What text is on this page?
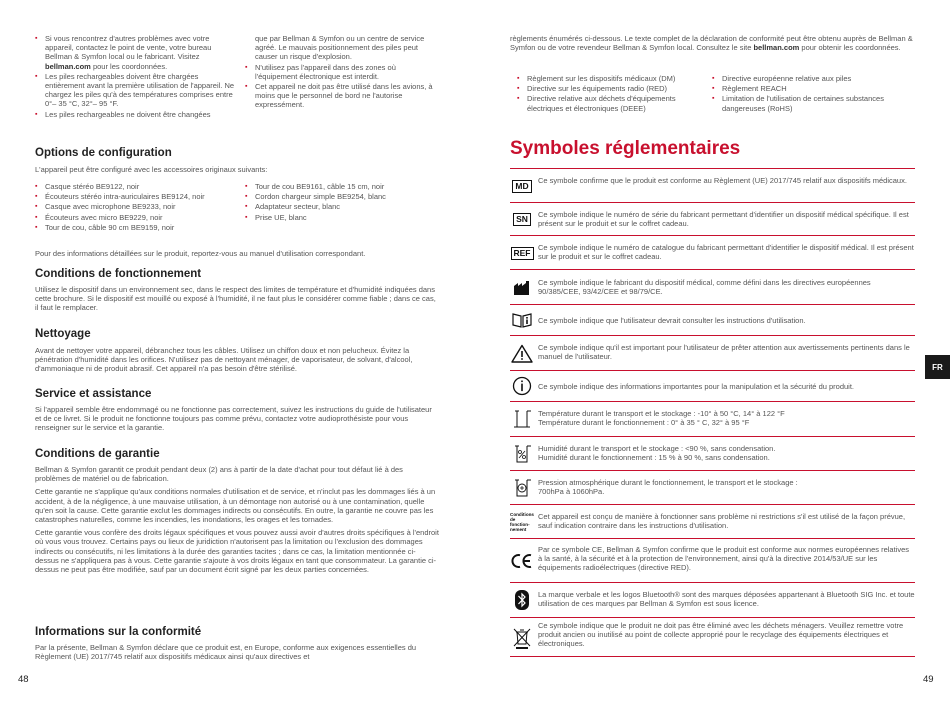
▪ Si vous rencontrez d'autres problèmes avec votre appareil, contactez le point de vente, votre bureau Bellman & Symfon local ou le fabricant. Visitez bellman.com pour les coordonnées.
▪ Les piles rechargeables doivent être chargées entièrement avant la première utilisation de l'appareil. Ne chargez les piles qu'à des températures comprises entre 0°– 35 °C, 32°– 95 °F.
▪ Les piles rechargeables ne doivent être changées
que par Bellman & Symfon ou un centre de service agréé. Le mauvais positionnement des piles peut causer un risque d'explosion.
▪ N'utilisez pas l'appareil dans des zones où l'équipement électronique est interdit.
▪ Cet appareil ne doit pas être utilisé dans les avions, à moins que le personnel de bord ne l'autorise expressément.
Options de configuration
L'appareil peut être configuré avec les accessoires originaux suivants:
▪ Casque stéréo BE9122, noir
▪ Écouteurs stéréo intra-auriculaires BE9124, noir
▪ Casque avec microphone BE9233, noir
▪ Écouteurs avec micro BE9229, noir
▪ Tour de cou, câble 90 cm BE9159, noir
▪ Tour de cou BE9161, câble 15 cm, noir
▪ Cordon chargeur simple BE9254, blanc
▪ Adaptateur secteur, blanc
▪ Prise UE, blanc
Pour des informations détaillées sur le produit, reportez-vous au manuel d'utilisation correspondant.
Conditions de fonctionnement

Utilisez le dispositif dans un environnement sec, dans le respect des limites de température et d'humidité indiquées dans cette brochure. Si le dispositif est mouillé ou exposé à l'humidité, il ne faut plus le considérer comme fiable ; dans ce cas, il faut le remplacer.

Nettoyage

Avant de nettoyer votre appareil, débranchez tous les câbles. Utilisez un chiffon doux et non pelucheux. Évitez la pénétration d'humidité dans les orifices. N'utilisez pas de nettoyant ménager, de vaporisateur, de solvant, d'alcool, d'ammoniaque ni de produit abrasif. Cet appareil n'a pas besoin d'être stérilisé.

Service et assistance

Si l'appareil semble être endommagé ou ne fonctionne pas correctement, suivez les instructions du guide de l'utilisateur et de ce livret. Si le produit ne fonctionne toujours pas comme prévu, contactez votre audioprothésiste pour vous renseigner sur le service et la garantie.

Conditions de garantie

Bellman & Symfon garantit ce produit pendant deux (2) ans à partir de la date d'achat pour tout défaut lié à des problèmes de matériel ou de fabrication.

Cette garantie ne s'applique qu'aux conditions normales d'utilisation et de service, et n'inclut pas les dommages liés à un accident, à de la négligence, à une mauvaise utilisation, à un démontage non autorisé ou à une contamination, quelle qu'en soit la cause. Cette garantie exclut les dommages indirects ou consécutifs. En outre, la garantie ne couvre pas les catastrophes naturelles, comme les incendies, les inondations, les orages et les tornades.

Cette garantie vous confère des droits légaux spécifiques et vous pouvez aussi avoir d'autres droits spécifiques à l'endroit où vous vous trouvez. Certains pays ou lieux de juridiction n'autorisent pas la limitation ou l'exclusion des dommages indirects ou consécutifs, ni les limitations à la durée des garanties tacites ; dans ce cas, la limitation mentionnée ci-dessus ne s'appliquera pas à vous. Cette garantie s'ajoute à vos droits légaux en tant que consommateur. La garantie ci-dessus ne peut pas être modifiée, sauf par un document écrit signé par les deux parties concernées.

Informations sur la conformité

Par la présente, Bellman & Symfon déclare que ce produit est, en Europe, conforme aux exigences essentielles du Règlement (UE) 2017/745 relatif aux dispositifs médicaux ainsi qu'aux directives et

48
règlements énumérés ci-dessous. Le texte complet de la déclaration de conformité peut être obtenu auprès de Bellman & Symfon ou de votre revendeur Bellman & Symfon local. Consultez le site bellman.com pour obtenir les coordonnées.
▪ Règlement sur les dispositifs médicaux (DM)
▪ Directive sur les équipements radio (RED)
▪ Directive relative aux déchets d'équipements électriques et électroniques (DEEE)
▪ Directive européenne relative aux piles
▪ Règlement REACH
▪ Limitation de l'utilisation de certaines substances dangereuses (RoHS)
Symboles réglementaires
MD	Ce symbole confirme que le produit est conforme au Règlement (UE) 2017/745 relatif aux dispositifs médicaux.
SN	Ce symbole indique le numéro de série du fabricant permettant d'identifier un dispositif médical spécifique. Il est présent sur le produit et sur le coffret cadeau.
REF	Ce symbole indique le numéro de catalogue du fabricant permettant d'identifier le dispositif médical. Il est présent sur le produit et sur le coffret cadeau.
Ce symbole indique le fabricant du dispositif médical, comme défini dans les directives européennes 90/385/CEE, 93/42/CEE et 98/79/CE.
Ce symbole indique que l'utilisateur devrait consulter les instructions d'utilisation.
Ce symbole indique qu'il est important pour l'utilisateur de prêter attention aux avertissements pertinents dans le manuel de l'utilisateur.
Ce symbole indique des informations importantes pour la manipulation et la sécurité du produit.
Température durant le transport et le stockage : -10° à 50 °C, 14° à 122 °F
Température durant le fonctionnement : 0° à 35 ° C, 32° à 95 °F
Humidité durant le transport et le stockage : <90 %, sans condensation.
Humidité durant le fonctionnement : 15 % à 90 %, sans condensation.
Pression atmosphérique durant le fonctionnement, le transport et le stockage :
700hPa à 1060hPa.
Conditions de fonctionnement
Cet appareil est conçu de manière à fonctionner sans problème ni restrictions s'il est utilisé de la façon prévue, sauf indication contraire dans les instructions d'utilisation.
Par ce symbole CE, Bellman & Symfon confirme que le produit est conforme aux normes européennes relatives à la santé, à la sécurité et à la protection de l'environnement, ainsi qu'à la directive 2014/53/UE sur les équipements radioélectriques (directive RED).
La marque verbale et les logos Bluetooth® sont des marques déposées appartenant à Bluetooth SIG Inc. et toute utilisation de ces marques par Bellman & Symfon est sous licence.
Ce symbole indique que le produit ne doit pas être éliminé avec les déchets ménagers. Veuillez remettre votre produit ancien ou inutilisé au point de collecte approprié pour le recyclage des équipements électriques et électroniques.
FR
49
